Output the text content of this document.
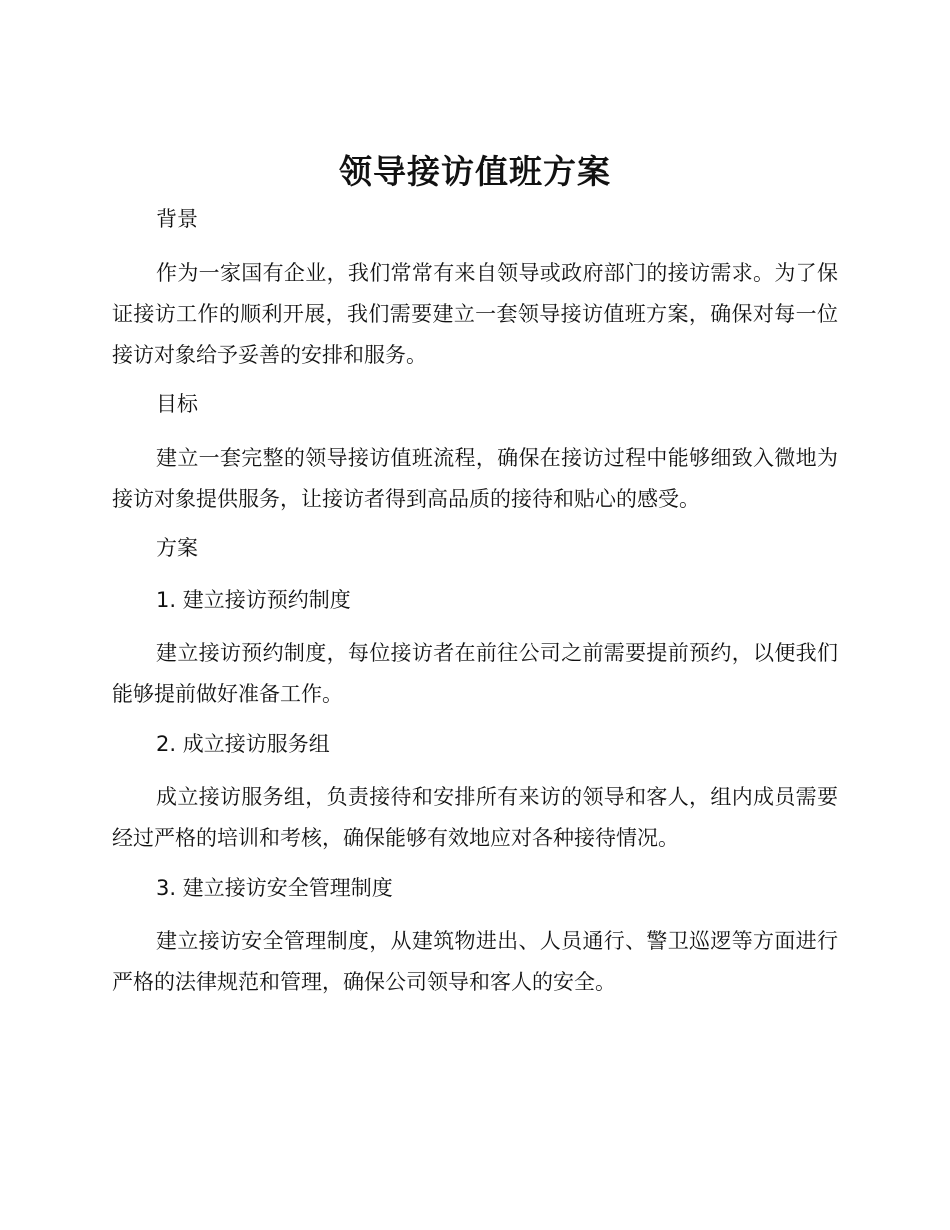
领导接访值班方案
背景

作为一家国有企业，我们常常有来自领导或政府部门的接访需求。为了保证接访工作的顺利开展，我们需要建立一套领导接访值班方案，确保对每一位接访对象给予妥善的安排和服务。

目标

建立一套完整的领导接访值班流程，确保在接访过程中能够细致入微地为接访对象提供服务，让接访者得到高品质的接待和贴心的感受。

方案
1. 建立接访预约制度

建立接访预约制度，每位接访者在前往公司之前需要提前预约，以便我们能够提前做好准备工作。

2. 成立接访服务组

成立接访服务组，负责接待和安排所有来访的领导和客人，组内成员需要经过严格的培训和考核，确保能够有效地应对各种接待情况。

3. 建立接访安全管理制度

建立接访安全管理制度，从建筑物进出、人员通行、警卫巡逻等方面进行严格的法律规范和管理，确保公司领导和客人的安全。
